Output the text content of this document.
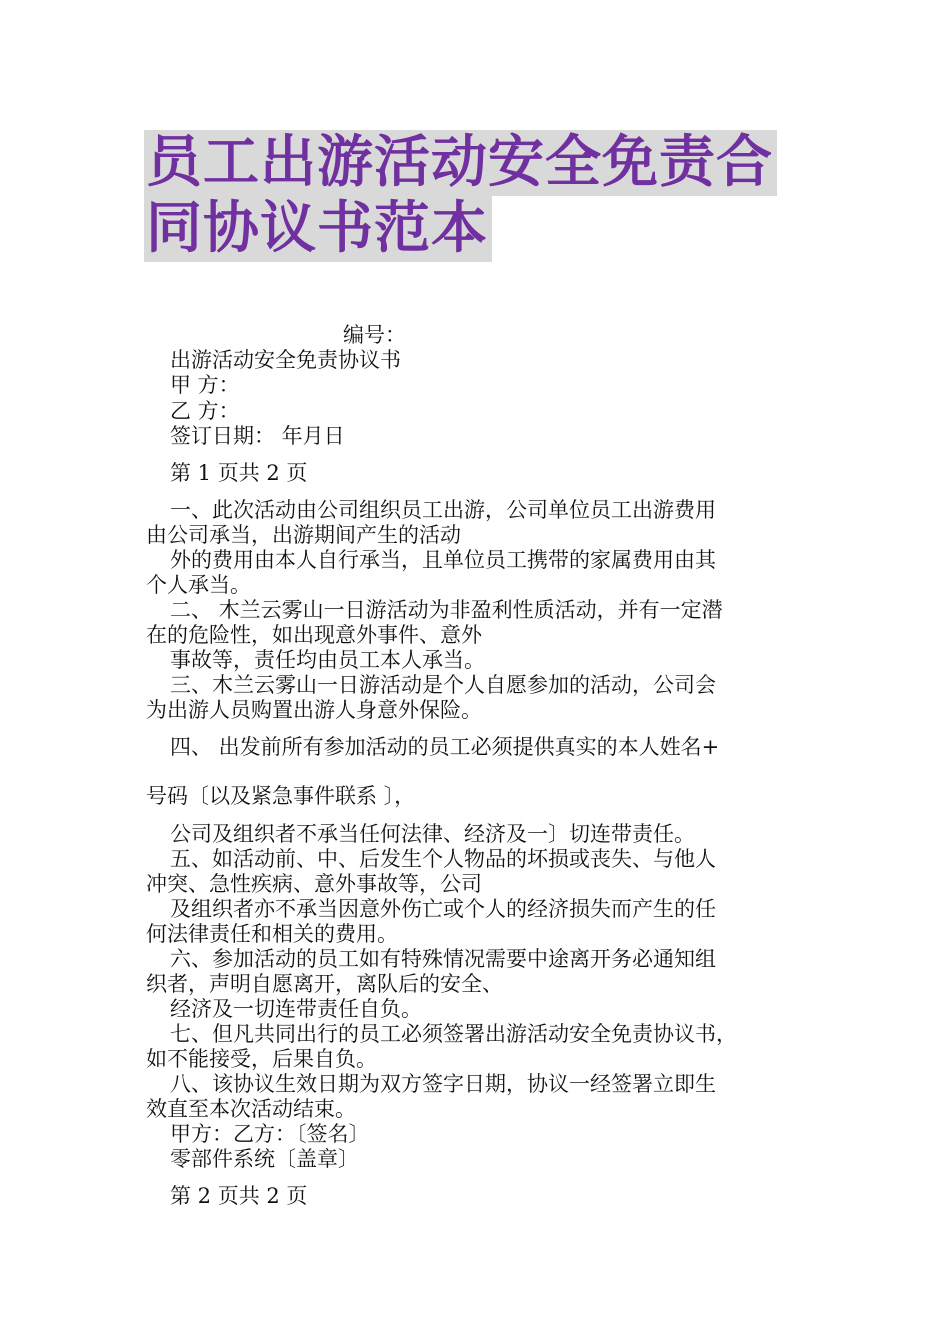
员工出游活动安全免责合
同协议书范本
编号：
出游活动安全免责协议书
甲 方：
乙 方：
签订日期： 年月日
第 1 页共 2 页
一、此次活动由公司组织员工出游，公司单位员工出游费用
由公司承当，出游期间产生的活动
外的费用由本人自行承当，且单位员工携带的家属费用由其
个人承当。
二、 木兰云雾山一日游活动为非盈利性质活动，并有一定潜
在的危险性，如出现意外事件、意外
事故等，责任均由员工本人承当。
三、木兰云雾山一日游活动是个人自愿参加的活动，公司会
为出游人员购置出游人身意外保险。
四、 出发前所有参加活动的员工必须提供真实的本人姓名+
号码〔以及紧急事件联系 〕，
公司及组织者不承当任何法律、经济及一〕切连带责任。
五、如活动前、中、后发生个人物品的坏损或丧失、与他人
冲突、急性疾病、意外事故等，公司
及组织者亦不承当因意外伤亡或个人的经济损失而产生的任
何法律责任和相关的费用。
六、参加活动的员工如有特殊情况需要中途离开务必通知组
织者，声明自愿离开，离队后的安全、
经济及一切连带责任自负。
七、但凡共同出行的员工必须签署出游活动安全免责协议书，
如不能接受，后果自负。
八、该协议生效日期为双方签字日期，协议一经签署立即生
效直至本次活动结束。
甲方：乙方：〔签名〕
零部件系统〔盖章〕
第 2 页共 2 页
